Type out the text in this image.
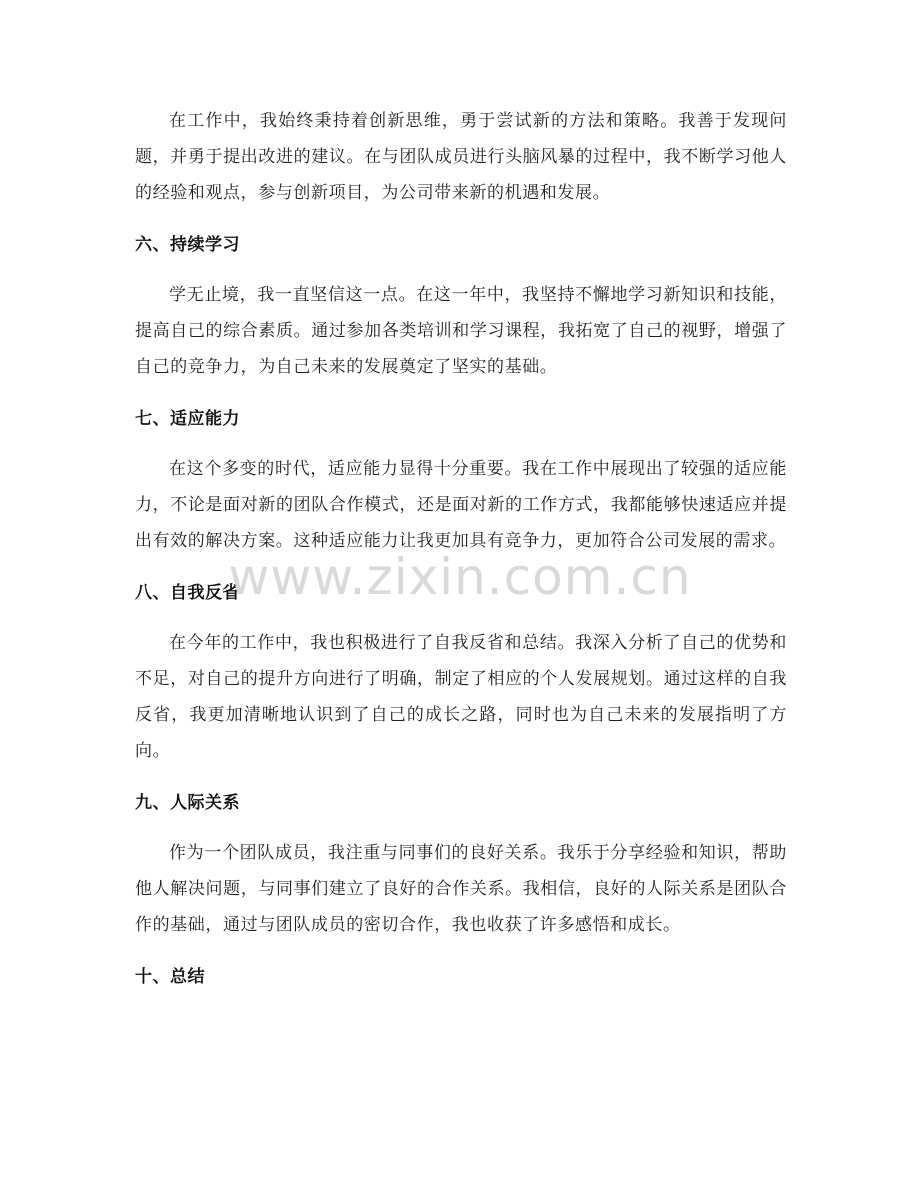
在工作中，我始终秉持着创新思维，勇于尝试新的方法和策略。我善于发现问题，并勇于提出改进的建议。在与团队成员进行头脑风暴的过程中，我不断学习他人的经验和观点，参与创新项目，为公司带来新的机遇和发展。

六、持续学习

学无止境，我一直坚信这一点。在这一年中，我坚持不懈地学习新知识和技能，提高自己的综合素质。通过参加各类培训和学习课程，我拓宽了自己的视野，增强了自己的竞争力，为自己未来的发展奠定了坚实的基础。

七、适应能力

在这个多变的时代，适应能力显得十分重要。我在工作中展现出了较强的适应能力，不论是面对新的团队合作模式，还是面对新的工作方式，我都能够快速适应并提出有效的解决方案。这种适应能力让我更加具有竞争力，更加符合公司发展的需求。

八、自我反省

在今年的工作中，我也积极进行了自我反省和总结。我深入分析了自己的优势和不足，对自己的提升方向进行了明确，制定了相应的个人发展规划。通过这样的自我反省，我更加清晰地认识到了自己的成长之路，同时也为自己未来的发展指明了方向。

九、人际关系

作为一个团队成员，我注重与同事们的良好关系。我乐于分享经验和知识，帮助他人解决问题，与同事们建立了良好的合作关系。我相信，良好的人际关系是团队合作的基础，通过与团队成员的密切合作，我也收获了许多感悟和成长。

十、总结
www.zixin.com.cn
